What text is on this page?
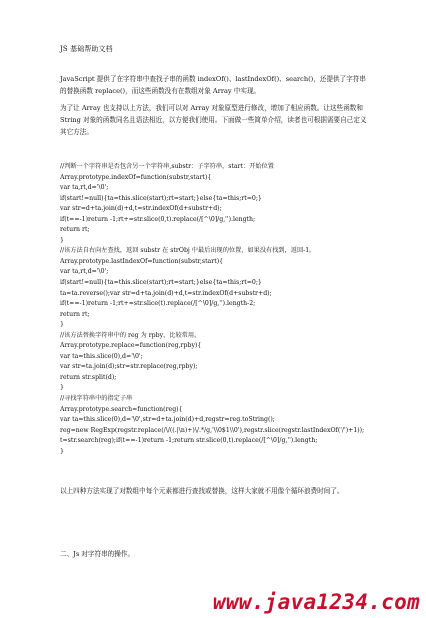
JS 基础帮助文档

JavaScript 提供了在字符串中查找子串的函数 indexOf()、lastIndexOf()、search()，还提供了字符串的替换函数 replace()，而这些函数没有在数组对象 Array 中实现。

为了让 Array 也支持以上方法，我们可以对 Array 对象原型进行修改，增加了相应函数。让这些函数和 String 对象的函数同名且语法相近，以方便我们使用。下面做一些简单介绍，读者也可根据需要自己定义其它方法。

//判断一个字符串是否包含另一个字符串,substr：子字符串，start：开始位置
Array.prototype.indexOf=function(substr,start){
var ta,rt,d='\0';
if(start!=null){ta=this.slice(start);rt=start;}else{ta=this;rt=0;}
var str=d+ta.join(d)+d,t=str.indexOf(d+substr+d);
if(t==-1)return -1;rt+=str.slice(0,t).replace(/[^\0]/g,'').length;
return rt;
}
//该方法自右向左查找，返回 substr 在 strObj 中最后出现的位置，如果没有找到，返回-1。
Array.prototype.lastIndexOf=function(substr,start){
var ta,rt,d='\0';
if(start!=null){ta=this.slice(start);rt=start;}else{ta=this;rt=0;}
ta=ta.reverse();var str=d+ta.join(d)+d,t=str.indexOf(d+substr+d);
if(t==-1)return -1;rt+=str.slice(t).replace(/[^\0]/g,'').length-2;
return rt;
}
//该方法替换字符串中的 reg 为 rpby，比较常用。
Array.prototype.replace=function(reg,rpby){
var ta=this.slice(0),d='\0';
var str=ta.join(d);str=str.replace(reg,rpby);
return str.split(d);
}
//寻找字符串中的指定子串
Array.prototype.search=function(reg){
var ta=this.slice(0),d='\0',str=d+ta.join(d)+d,regstr=reg.toString();
reg=new RegExp(regstr.replace(/\/((.|\n)+)\/.*/g,'\\0$1\\0'),regstr.slice(regstr.lastIndexOf('/')+1));
t=str.search(reg);if(t==-1)return -1;return str.slice(0,t).replace(/[^\0]/g,'').length;
}

以上四种方法实现了对数组中每个元素都进行查找或替换，这样大家就不用像个循环浪费时间了。

二、Js 对字符串的操作。
www.java1234.com
